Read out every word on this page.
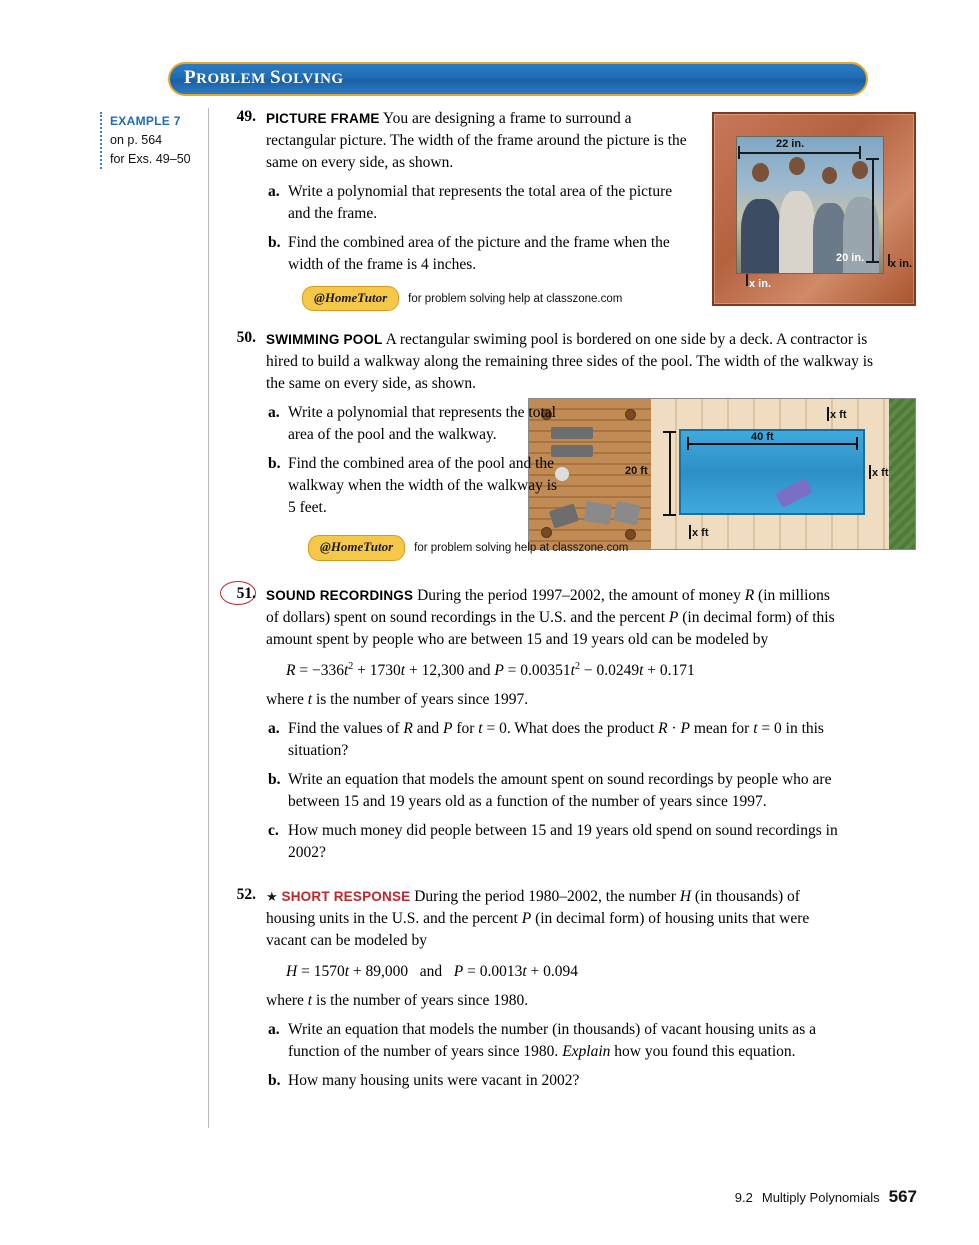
PROBLEM SOLVING
EXAMPLE 7
on p. 564
for Exs. 49–50
22 in.
20 in. x in.
x in.
40 ft
20 ft
x ft
x ft
x ft
49. PICTURE FRAME You are designing a frame to surround a rectangular picture. The width of the frame around the picture is the same on every side, as shown.
a. Write a polynomial that represents the total area of the picture and the frame.
b. Find the combined area of the picture and the frame when the width of the frame is 4 inches.
@HomeTutor	for problem solving help at classzone.com
50. SWIMMING POOL A rectangular swiming pool is bordered on one side by a deck. A contractor is hired to build a walkway along the remaining three sides of the pool. The width of the walkway is the same on every side, as shown.
a. Write a polynomial that represents the total area of the pool and the walkway.
b. Find the combined area of the pool and the walkway when the width of the walkway is 5 feet.
@HomeTutor	for problem solving help at classzone.com
51. SOUND RECORDINGS During the period 1997–2002, the amount of money R (in millions of dollars) spent on sound recordings in the U.S. and the percent P (in decimal form) of this amount spent by people who are between 15 and 19 years old can be modeled by
$R = -336t^2 + 1730t + 12,300$ and $P = 0.00351t^2 - 0.0249t + 0.171$
where t is the number of years since 1997.
a. Find the values of R and P for t = 0. What does the product R · P mean for t = 0 in this situation?
b. Write an equation that models the amount spent on sound recordings by people who are between 15 and 19 years old as a function of the number of years since 1997.
c. How much money did people between 15 and 19 years old spend on sound recordings in 2002?
52. ★ SHORT RESPONSE During the period 1980–2002, the number H (in thousands) of housing units in the U.S. and the percent P (in decimal form) of housing units that were vacant can be modeled by
H = 1570t + 89,000   and   P = 0.0013t + 0.094
where t is the number of years since 1980.
a. Write an equation that models the number (in thousands) of vacant housing units as a function of the number of years since 1980. Explain how you found this equation.
b. How many housing units were vacant in 2002?
9.2 Multiply Polynomials 567
